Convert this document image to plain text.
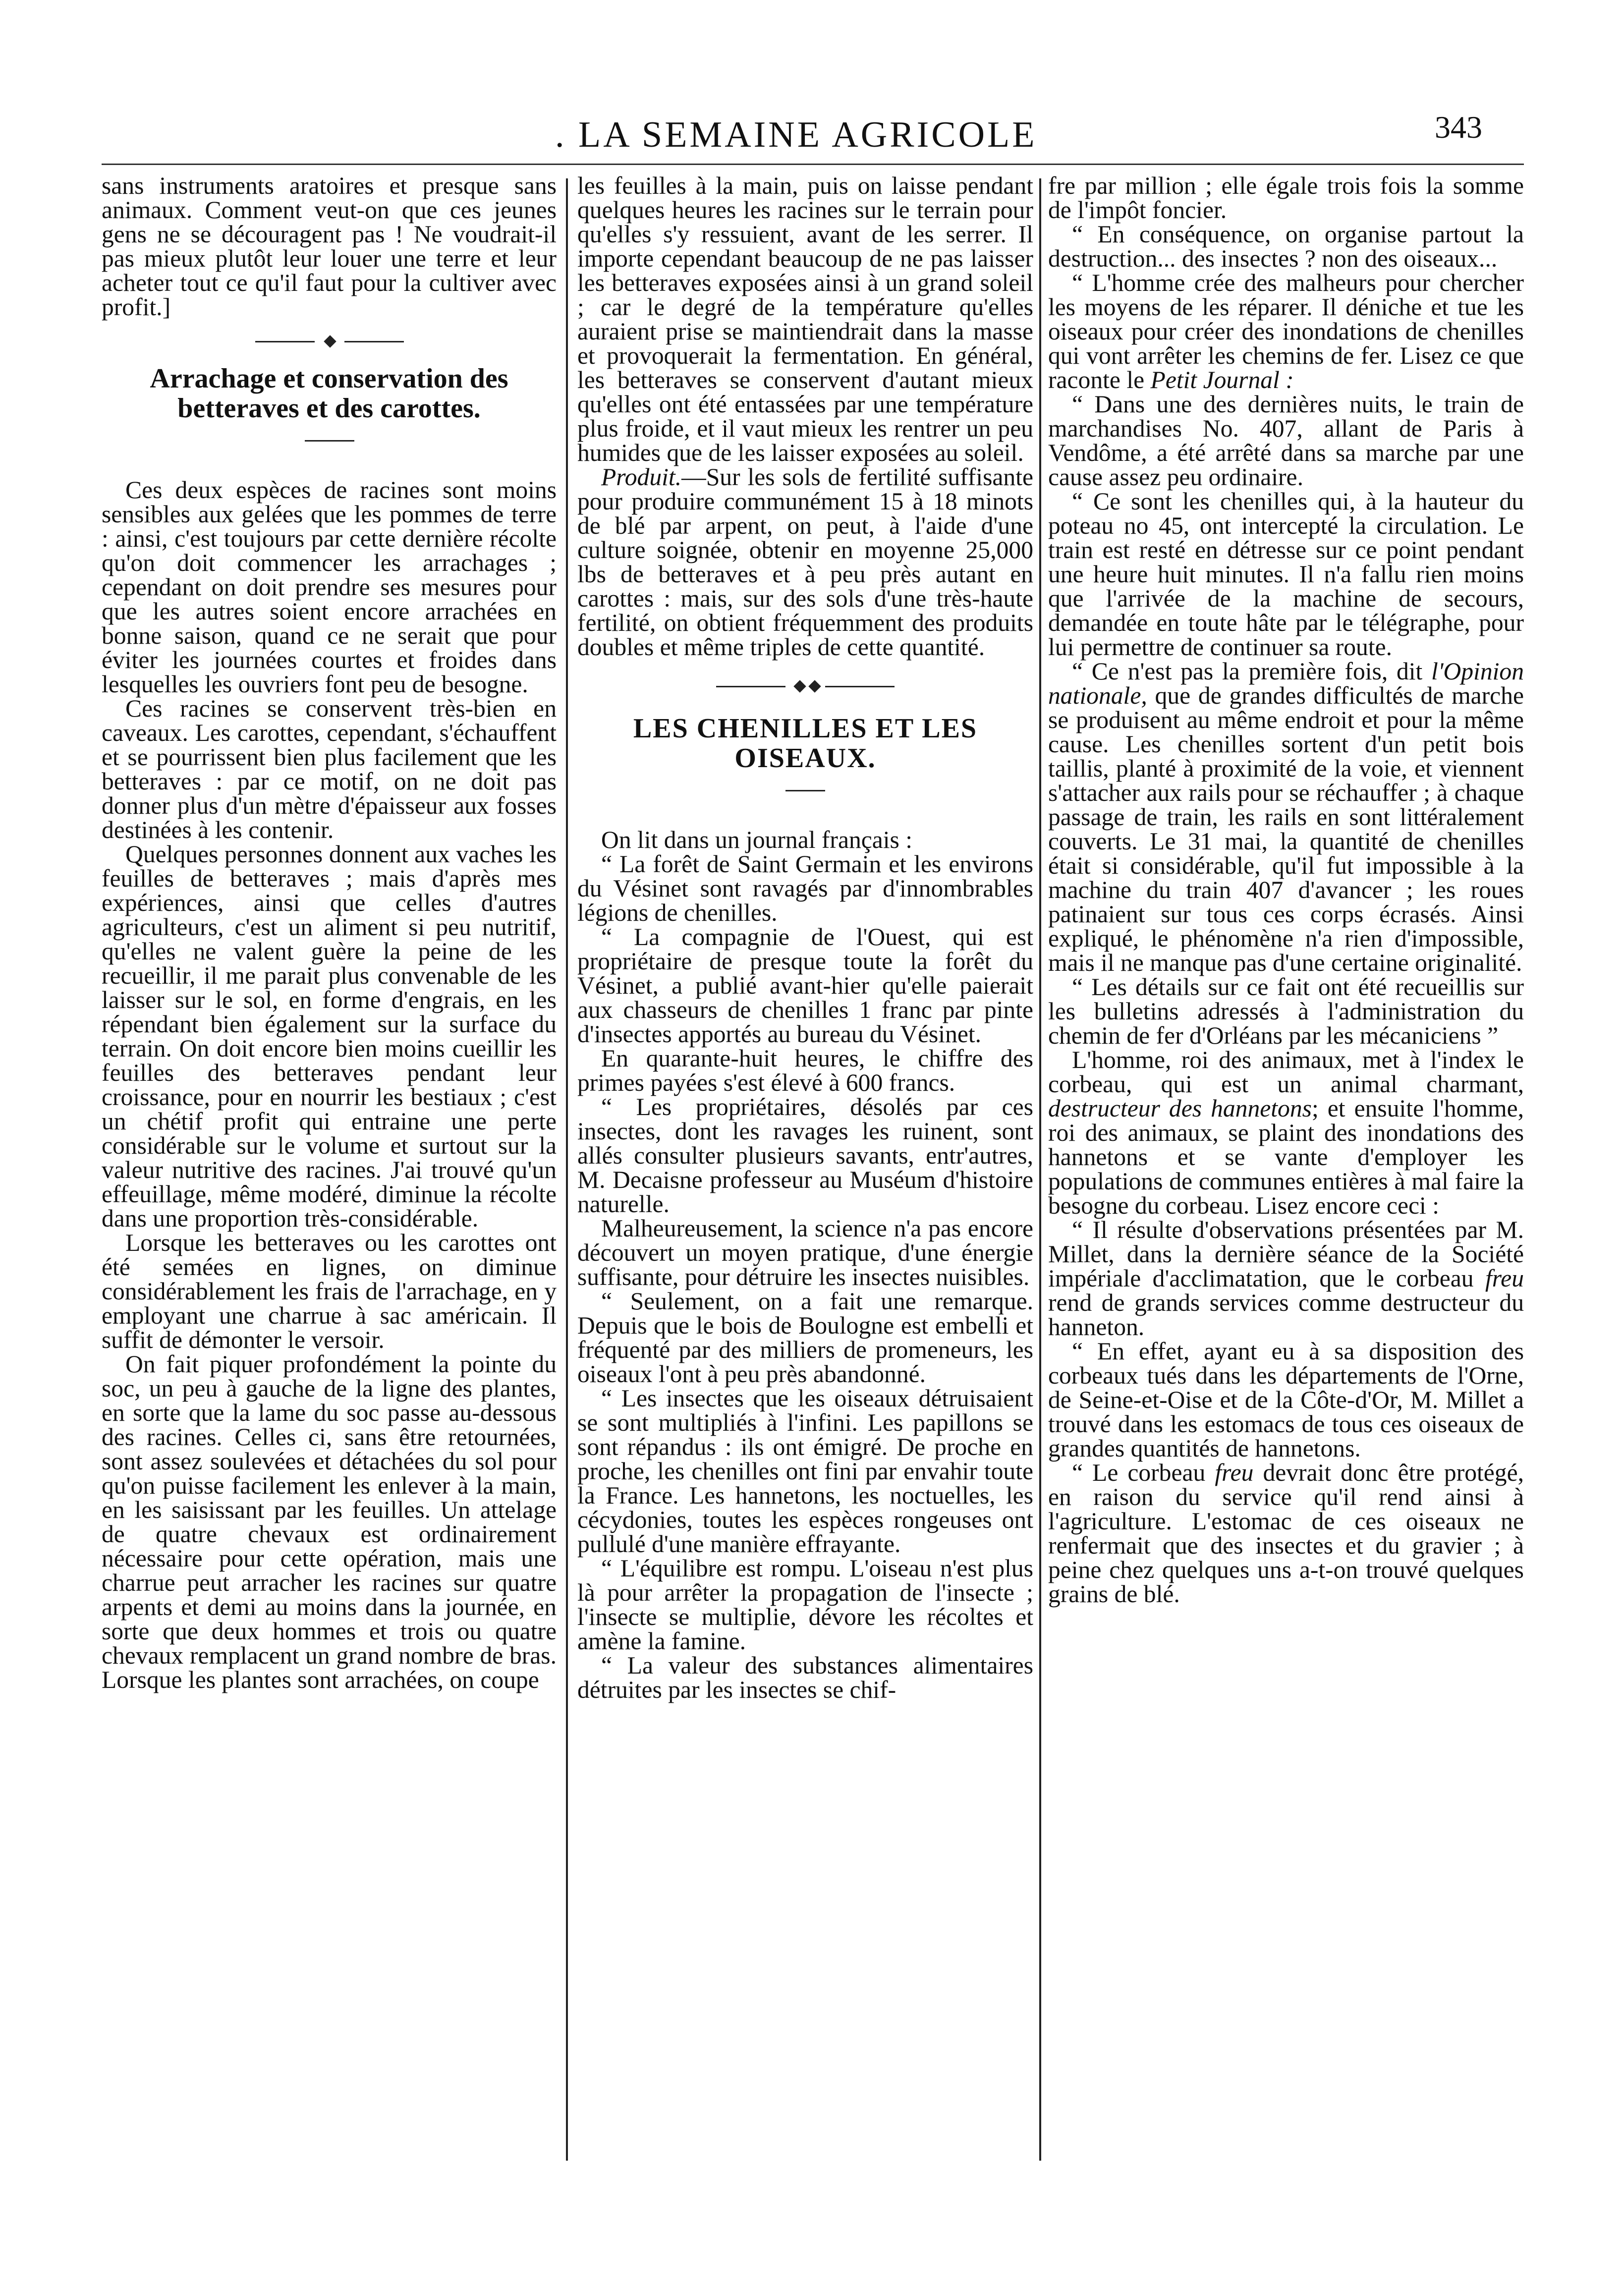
. LA SEMAINE AGRICOLE	343

sans instruments aratoires et presque sans animaux. Comment veut-on que ces jeunes gens ne se découragent pas ! Ne voudrait-il pas mieux plutôt leur louer une terre et leur acheter tout ce qu'il faut pour la cultiver avec profit.]

Arrachage et conservation des betteraves et des carottes.

Ces deux espèces de racines sont moins sensibles aux gelées que les pommes de terre : ainsi, c'est toujours par cette dernière récolte qu'on doit commencer les arrachages ; cependant on doit prendre ses mesures pour que les autres soient encore arrachées en bonne saison, quand ce ne serait que pour éviter les journées courtes et froides dans lesquelles les ouvriers font peu de besogne.

Ces racines se conservent très-bien en caveaux. Les carottes, cependant, s'échauffent et se pourrissent bien plus facilement que les betteraves : par ce motif, on ne doit pas donner plus d'un mètre d'épaisseur aux fosses destinées à les contenir.

Quelques personnes donnent aux vaches les feuilles de betteraves ; mais d'après mes expériences, ainsi que celles d'autres agriculteurs, c'est un aliment si peu nutritif, qu'elles ne valent guère la peine de les recueillir, il me parait plus convenable de les laisser sur le sol, en forme d'engrais, en les répendant bien également sur la surface du terrain. On doit encore bien moins cueillir les feuilles des betteraves pendant leur croissance, pour en nourrir les bestiaux ; c'est un chétif profit qui entraine une perte considérable sur le volume et surtout sur la valeur nutritive des racines. J'ai trouvé qu'un effeuillage, même modéré, diminue la récolte dans une proportion très-considérable.

Lorsque les betteraves ou les carottes ont été semées en lignes, on diminue considérablement les frais de l'arrachage, en y employant une charrue à sac américain. Il suffit de démonter le versoir.

On fait piquer profondément la pointe du soc, un peu à gauche de la ligne des plantes, en sorte que la lame du soc passe au-dessous des racines. Celles ci, sans être retournées, sont assez soulevées et détachées du sol pour qu'on puisse facilement les enlever à la main, en les saisissant par les feuilles. Un attelage de quatre chevaux est ordinairement nécessaire pour cette opération, mais une charrue peut arracher les racines sur quatre arpents et demi au moins dans la journée, en sorte que deux hommes et trois ou quatre chevaux remplacent un grand nombre de bras. Lorsque les plantes sont arrachées, on coupe

les feuilles à la main, puis on laisse pendant quelques heures les racines sur le terrain pour qu'elles s'y ressuient, avant de les serrer. Il importe cependant beaucoup de ne pas laisser les betteraves exposées ainsi à un grand soleil ; car le degré de la température qu'elles auraient prise se maintiendrait dans la masse et provoquerait la fermentation. En général, les betteraves se conservent d'autant mieux qu'elles ont été entassées par une température plus froide, et il vaut mieux les rentrer un peu humides que de les laisser exposées au soleil.

Produit.—Sur les sols de fertilité suffisante pour produire communément 15 à 18 minots de blé par arpent, on peut, à l'aide d'une culture soignée, obtenir en moyenne 25,000 lbs de betteraves et à peu près autant en carottes : mais, sur des sols d'une très-haute fertilité, on obtient fréquemment des produits doubles et même triples de cette quantité.

LES CHENILLES ET LES OISEAUX.

On lit dans un journal français :

“ La forêt de Saint Germain et les environs du Vésinet sont ravagés par d'innombrables légions de chenilles.

“ La compagnie de l'Ouest, qui est propriétaire de presque toute la forêt du Vésinet, a publié avant-hier qu'elle paierait aux chasseurs de chenilles 1 franc par pinte d'insectes apportés au bureau du Vésinet.

En quarante-huit heures, le chiffre des primes payées s'est élevé à 600 francs.

“ Les propriétaires, désolés par ces insectes, dont les ravages les ruinent, sont allés consulter plusieurs savants, entr'autres, M. Decaisne professeur au Muséum d'histoire naturelle.

Malheureusement, la science n'a pas encore découvert un moyen pratique, d'une énergie suffisante, pour détruire les insectes nuisibles.

“ Seulement, on a fait une remarque. Depuis que le bois de Boulogne est embelli et fréquenté par des milliers de promeneurs, les oiseaux l'ont à peu près abandonné.

“ Les insectes que les oiseaux détruisaient se sont multipliés à l'infini. Les papillons se sont répandus : ils ont émigré. De proche en proche, les chenilles ont fini par envahir toute la France. Les hannetons, les noctuelles, les cécydonies, toutes les espèces rongeuses ont pullulé d'une manière effrayante.

“ L'équilibre est rompu. L'oiseau n'est plus là pour arrêter la propagation de l'insecte ; l'insecte se multiplie, dévore les récoltes et amène la famine.

“ La valeur des substances alimentaires détruites par les insectes se chif-

fre par million ; elle égale trois fois la somme de l'impôt foncier.

“ En conséquence, on organise partout la destruction... des insectes ? non des oiseaux...

“ L'homme crée des malheurs pour chercher les moyens de les réparer. Il déniche et tue les oiseaux pour créer des inondations de chenilles qui vont arrêter les chemins de fer. Lisez ce que raconte le Petit Journal :

“ Dans une des dernières nuits, le train de marchandises No. 407, allant de Paris à Vendôme, a été arrêté dans sa marche par une cause assez peu ordinaire.

“ Ce sont les chenilles qui, à la hauteur du poteau no 45, ont intercepté la circulation. Le train est resté en détresse sur ce point pendant une heure huit minutes. Il n'a fallu rien moins que l'arrivée de la machine de secours, demandée en toute hâte par le télégraphe, pour lui permettre de continuer sa route.

“ Ce n'est pas la première fois, dit l'Opinion nationale, que de grandes difficultés de marche se produisent au même endroit et pour la même cause. Les chenilles sortent d'un petit bois taillis, planté à proximité de la voie, et viennent s'attacher aux rails pour se réchauffer ; à chaque passage de train, les rails en sont littéralement couverts. Le 31 mai, la quantité de chenilles était si considérable, qu'il fut impossible à la machine du train 407 d'avancer ; les roues patinaient sur tous ces corps écrasés. Ainsi expliqué, le phénomène n'a rien d'impossible, mais il ne manque pas d'une certaine originalité.

“ Les détails sur ce fait ont été recueillis sur les bulletins adressés à l'administration du chemin de fer d'Orléans par les mécaniciens ”

L'homme, roi des animaux, met à l'index le corbeau, qui est un animal charmant, destructeur des hannetons; et ensuite l'homme, roi des animaux, se plaint des inondations des hannetons et se vante d'employer les populations de communes entières à mal faire la besogne du corbeau. Lisez encore ceci :

“ Il résulte d'observations présentées par M. Millet, dans la dernière séance de la Société impériale d'acclimatation, que le corbeau freu rend de grands services comme destructeur du hanneton.

“ En effet, ayant eu à sa disposition des corbeaux tués dans les départements de l'Orne, de Seine-et-Oise et de la Côte-d'Or, M. Millet a trouvé dans les estomacs de tous ces oiseaux de grandes quantités de hannetons.

“ Le corbeau freu devrait donc être protégé, en raison du service qu'il rend ainsi à l'agriculture. L'estomac de ces oiseaux ne renfermait que des insectes et du gravier ; à peine chez quelques uns a-t-on trouvé quelques grains de blé.
